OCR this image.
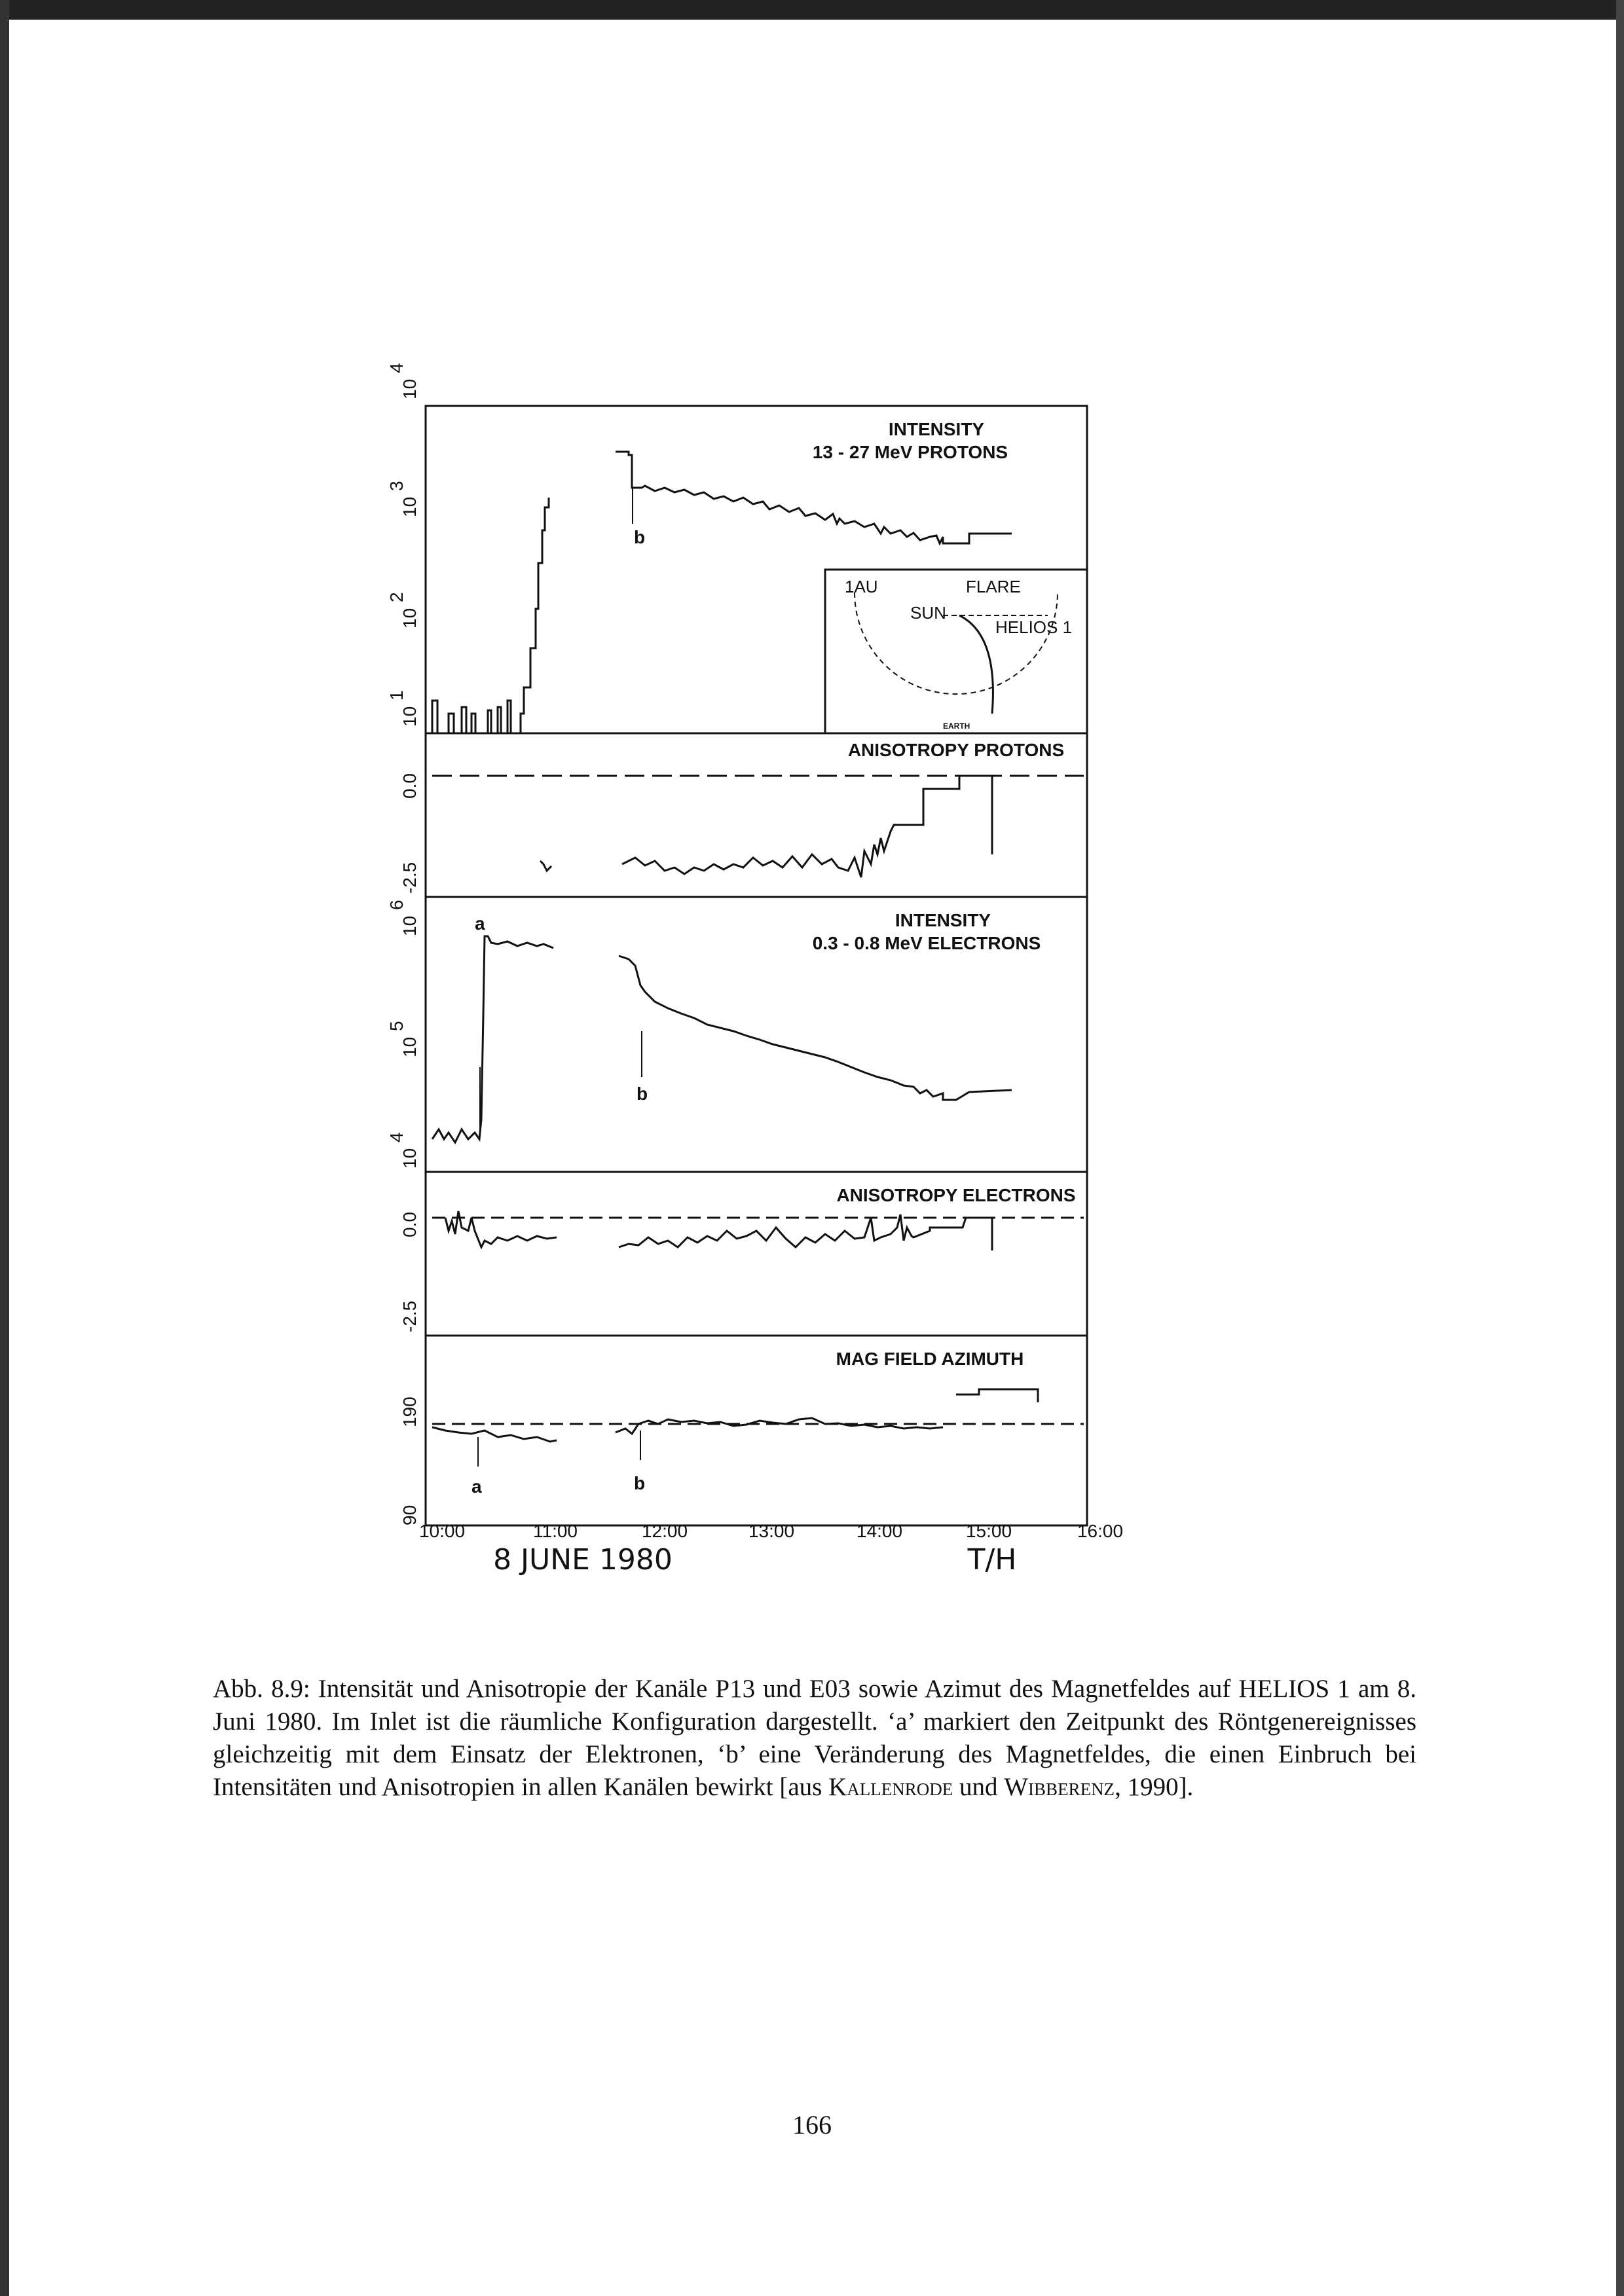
INTENSITY
13 - 27 MeV PROTONS
10
1
10
2
10
3
10
4
b
1AU	FLARE
SUN
HELIOS 1
EARTH
ANISOTROPY PROTONS
0.0
-2.5
INTENSITY
0.3 - 0.8 MeV ELECTRONS
10
4
10
5
10
6
a
b
ANISOTROPY ELECTRONS
0.0
-2.5
MAG FIELD AZIMUTH
190
90
a	b
10:00	11:00	12:00	13:00	14:00	15:00	16:00
8 JUNE 1980	T/H
Abb. 8.9: Intensität und Anisotropie der Kanäle P13 und E03 sowie Azimut des Magnetfeldes auf HELIOS 1 am 8. Juni 1980. Im Inlet ist die räumliche Konfiguration dargestellt. ‘a’ markiert den Zeitpunkt des Röntgenereignisses gleichzeitig mit dem Einsatz der Elektronen, ‘b’ eine Veränderung des Magnetfeldes, die einen Einbruch bei Intensitäten und Anisotropien in allen Kanälen bewirkt [aus Kallenrode und Wibberenz, 1990].
166
